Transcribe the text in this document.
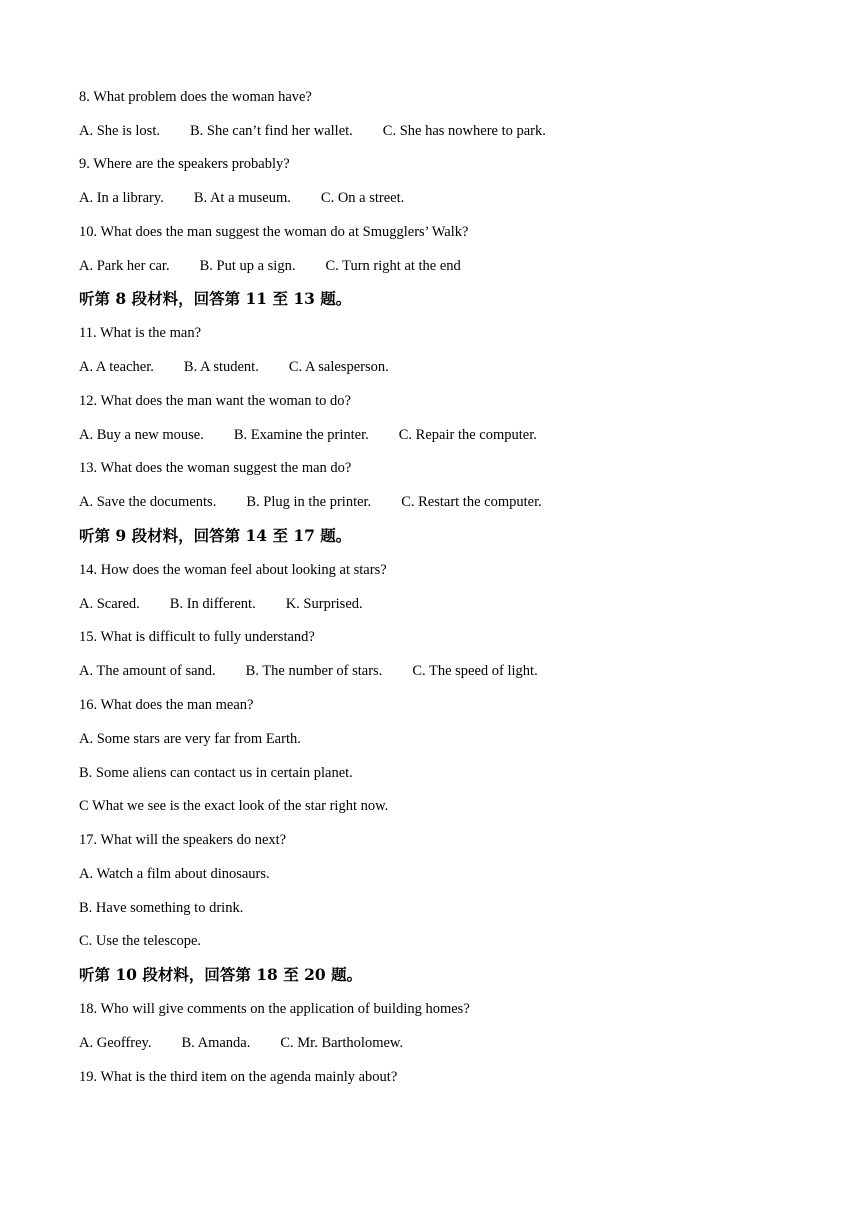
8. What problem does the woman have?
A. She is lost. B. She can’t find her wallet. C. She has nowhere to park.
9. Where are the speakers probably?
A. In a library. B. At a museum. C. On a street.
10. What does the man suggest the woman do at Smugglers’ Walk?
A. Park her car. B. Put up a sign. C. Turn right at the end
听第 8 段材料，回答第 11 至 13 题。
11. What is the man?
A. A teacher. B. A student. C. A salesperson.
12. What does the man want the woman to do?
A. Buy a new mouse. B. Examine the printer. C. Repair the computer.
13. What does the woman suggest the man do?
A. Save the documents. B. Plug in the printer. C. Restart the computer.
听第 9 段材料，回答第 14 至 17 题。
14. How does the woman feel about looking at stars?
A. Scared. B. In different. K. Surprised.
15. What is difficult to fully understand?
A. The amount of sand. B. The number of stars. C. The speed of light.
16. What does the man mean?
A. Some stars are very far from Earth.
B. Some aliens can contact us in certain planet.
C What we see is the exact look of the star right now.
17. What will the speakers do next?
A. Watch a film about dinosaurs.
B. Have something to drink.
C. Use the telescope.
听第 10 段材料，回答第 18 至 20 题。
18. Who will give comments on the application of building homes?
A. Geoffrey. B. Amanda. C. Mr. Bartholomew.
19. What is the third item on the agenda mainly about?
